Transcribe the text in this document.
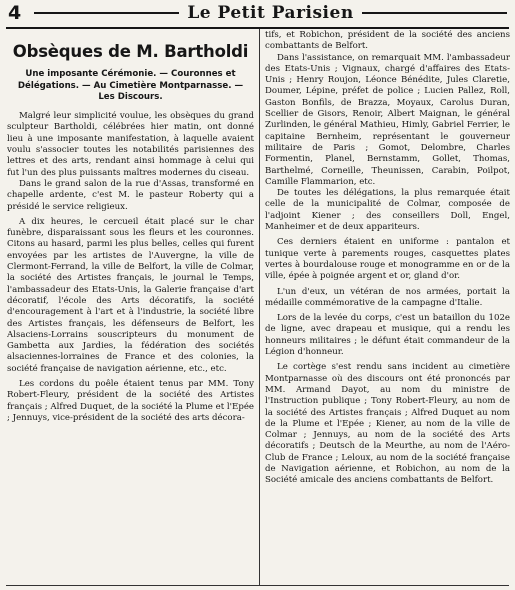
4	Le Petit Parisien
Obsèques de M. Bartholdi
Une imposante Cérémonie. — Couronnes et Délégations. — Au Cimetière Montparnasse. — Les Discours.

Malgré leur simplicité voulue, les obsèques du grand sculpteur Bartholdi, célébrées hier matin, ont donné lieu à une imposante manifestation, à laquelle avaient voulu s'associer toutes les notabilités parisiennes des lettres et des arts, rendant ainsi hommage à celui qui fut l'un des plus puissants maîtres modernes du ciseau.

Dans le grand salon de la rue d'Assas, transformé en chapelle ardente, c'est M. le pasteur Roberty qui a présidé le service religieux.

A dix heures, le cercueil était placé sur le char funèbre, disparaissant sous les fleurs et les couronnes. Citons au hasard, parmi les plus belles, celles qui furent envoyées par les artistes de l'Auvergne, la ville de Clermont-Ferrand, la ville de Belfort, la ville de Colmar, la société des Artistes français, le journal le Temps, l'ambassadeur des Etats-Unis, la Galerie française d'art décoratif, l'école des Arts décoratifs, la société d'encouragement à l'art et à l'industrie, la société libre des Artistes français, les défenseurs de Belfort, les Alsaciens-Lorrains souscripteurs du monument de Gambetta aux Jardies, la fédération des sociétés alsaciennes-lorraines de France et des colonies, la société française de navigation aérienne, etc., etc.

Les cordons du poêle étaient tenus par MM. Tony Robert-Fleury, président de la société des Artistes français ; Alfred Duquet, de la société la Plume et l'Epée ; Jennuys, vice-président de la société des arts décora-

tifs, et Robichon, président de la société des anciens combattants de Belfort.

Dans l'assistance, on remarquait MM. l'ambassadeur des Etats-Unis ; Vignaux, chargé d'affaires des Etats-Unis ; Henry Roujon, Léonce Bénédite, Jules Claretie, Doumer, Lépine, préfet de police ; Lucien Pallez, Roll, Gaston Bonfils, de Brazza, Moyaux, Carolus Duran, Scellier de Gisors, Renoir, Albert Maignan, le général Zurlinden, le général Mathieu, Himly, Gabriel Ferrier, le capitaine Bernheim, représentant le gouverneur militaire de Paris ; Gomot, Delombre, Charles Formentin, Planel, Bernstamm, Gollet, Thomas, Barthelmé, Corneille, Theunissen, Carabin, Poilpot, Camille Flammarion, etc.

De toutes les délégations, la plus remarquée était celle de la municipalité de Colmar, composée de l'adjoint Kiener ; des conseillers Doll, Engel, Manheimer et de deux appariteurs.

Ces derniers étaient en uniforme : pantalon et tunique verte à parements rouges, casquettes plates vertes à bourdalouse rouge et monogramme en or de la ville, épée à poignée argent et or, gland d'or.

L'un d'eux, un vétéran de nos armées, portait la médaille commémorative de la campagne d'Italie.

Lors de la levée du corps, c'est un bataillon du 102e de ligne, avec drapeau et musique, qui a rendu les honneurs militaires ; le défunt était commandeur de la Légion d'honneur.

Le cortège s'est rendu sans incident au cimetière Montparnasse où des discours ont été prononcés par MM. Armand Dayot, au nom du ministre de l'Instruction publique ; Tony Robert-Fleury, au nom de la société des Artistes français ; Alfred Duquet au nom de la Plume et l'Epée ; Kiener, au nom de la ville de Colmar ; Jennuys, au nom de la société des Arts décoratifs ; Deutsch de la Meurthe, au nom de l'Aéro-Club de France ; Leloux, au nom de la société française de Navigation aérienne, et Robichon, au nom de la Société amicale des anciens combattants de Belfort.
